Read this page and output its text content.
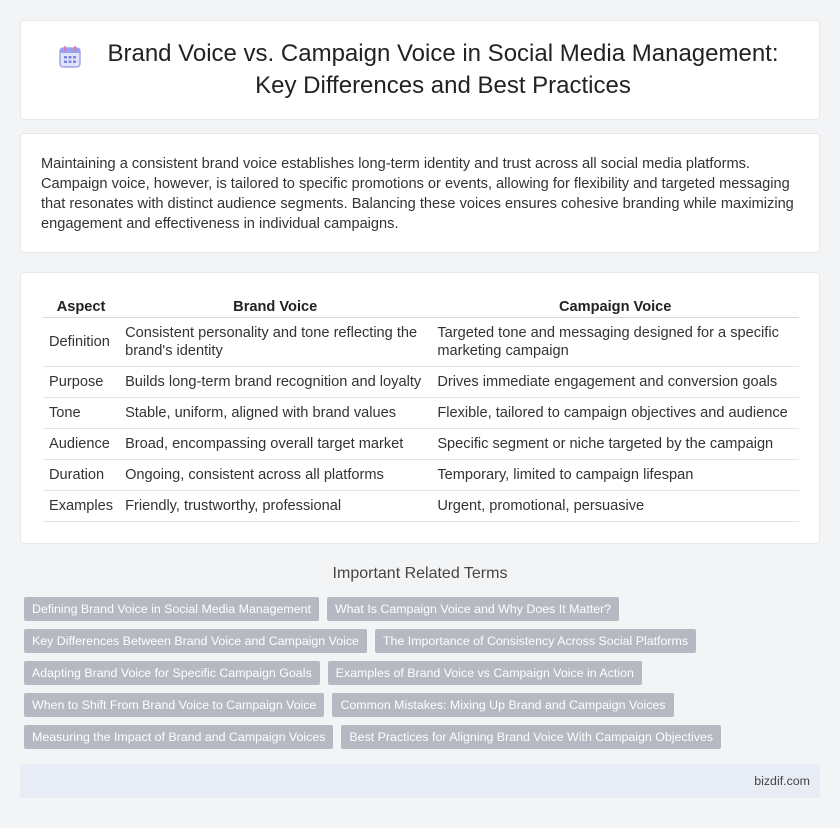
Brand Voice vs. Campaign Voice in Social Media Management: Key Differences and Best Practices

Maintaining a consistent brand voice establishes long-term identity and trust across all social media platforms. Campaign voice, however, is tailored to specific promotions or events, allowing for flexibility and targeted messaging that resonates with distinct audience segments. Balancing these voices ensures cohesive branding while maximizing engagement and effectiveness in individual campaigns.

Aspect	Brand Voice	Campaign Voice
Definition	Consistent personality and tone reflecting the brand's identity	Targeted tone and messaging designed for a specific marketing campaign
Purpose	Builds long-term brand recognition and loyalty	Drives immediate engagement and conversion goals
Tone	Stable, uniform, aligned with brand values	Flexible, tailored to campaign objectives and audience
Audience	Broad, encompassing overall target market	Specific segment or niche targeted by the campaign
Duration	Ongoing, consistent across all platforms	Temporary, limited to campaign lifespan
Examples	Friendly, trustworthy, professional	Urgent, promotional, persuasive
Important Related Terms
Defining Brand Voice in Social Media Management	What Is Campaign Voice and Why Does It Matter?
Key Differences Between Brand Voice and Campaign Voice	The Importance of Consistency Across Social Platforms
Adapting Brand Voice for Specific Campaign Goals	Examples of Brand Voice vs Campaign Voice in Action
When to Shift From Brand Voice to Campaign Voice	Common Mistakes: Mixing Up Brand and Campaign Voices
Measuring the Impact of Brand and Campaign Voices	Best Practices for Aligning Brand Voice With Campaign Objectives
bizdif.com
